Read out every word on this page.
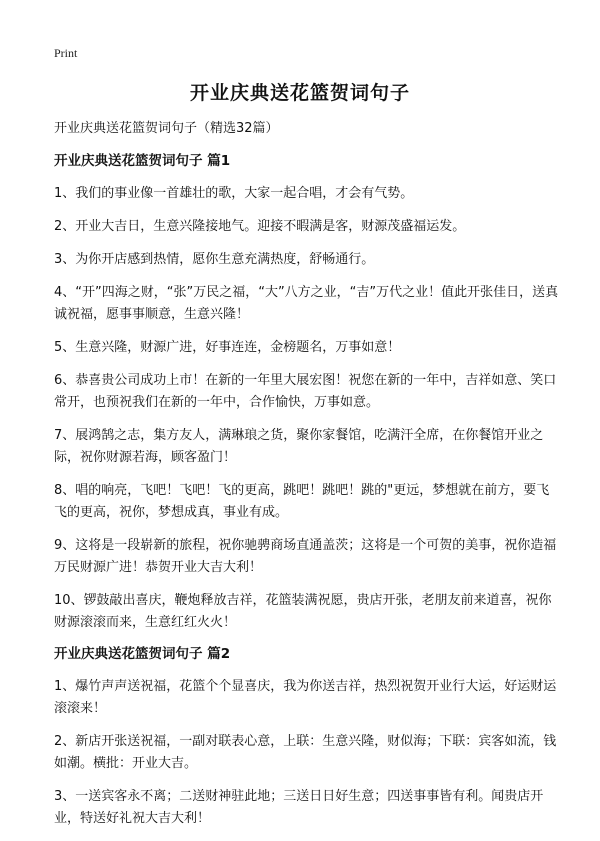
Print
开业庆典送花篮贺词句子
开业庆典送花篮贺词句子（精选32篇）
开业庆典送花篮贺词句子 篇1
1、我们的事业像一首雄壮的歌，大家一起合唱，才会有气势。
2、开业大吉日，生意兴隆接地气。迎接不暇满是客，财源茂盛福运发。
3、为你开店感到热情，愿你生意充满热度，舒畅通行。
4、“开”四海之财，“张”万民之福，“大”八方之业，“吉”万代之业！值此开张佳日，送真诚祝福，愿事事顺意，生意兴隆！
5、生意兴隆，财源广进，好事连连，金榜题名，万事如意！
6、恭喜贵公司成功上市！在新的一年里大展宏图！祝您在新的一年中，吉祥如意、笑口常开，也预祝我们在新的一年中，合作愉快，万事如意。
7、展鸿鹄之志，集方友人，满琳琅之货，聚你家餐馆，吃满汗全席，在你餐馆开业之际，祝你财源若海，顾客盈门！
8、唱的响亮，飞吧！飞吧！飞的更高，跳吧！跳吧！跳的"更远，梦想就在前方，要飞飞的更高，祝你，梦想成真，事业有成。
9、这将是一段崭新的旅程，祝你驰骋商场直通盖茨；这将是一个可贺的美事，祝你造福万民财源广进！恭贺开业大吉大利！
10、锣鼓敲出喜庆，鞭炮释放吉祥，花篮装满祝愿，贵店开张，老朋友前来道喜，祝你财源滚滚而来，生意红红火火！
开业庆典送花篮贺词句子 篇2
1、爆竹声声送祝福，花篮个个显喜庆，我为你送吉祥，热烈祝贺开业行大运，好运财运滚滚来！
2、新店开张送祝福，一副对联表心意，上联：生意兴隆，财似海；下联：宾客如流，钱如潮。横批：开业大吉。
3、一送宾客永不离；二送财神驻此地；三送日日好生意；四送事事皆有利。闻贵店开业，特送好礼祝大吉大利！
